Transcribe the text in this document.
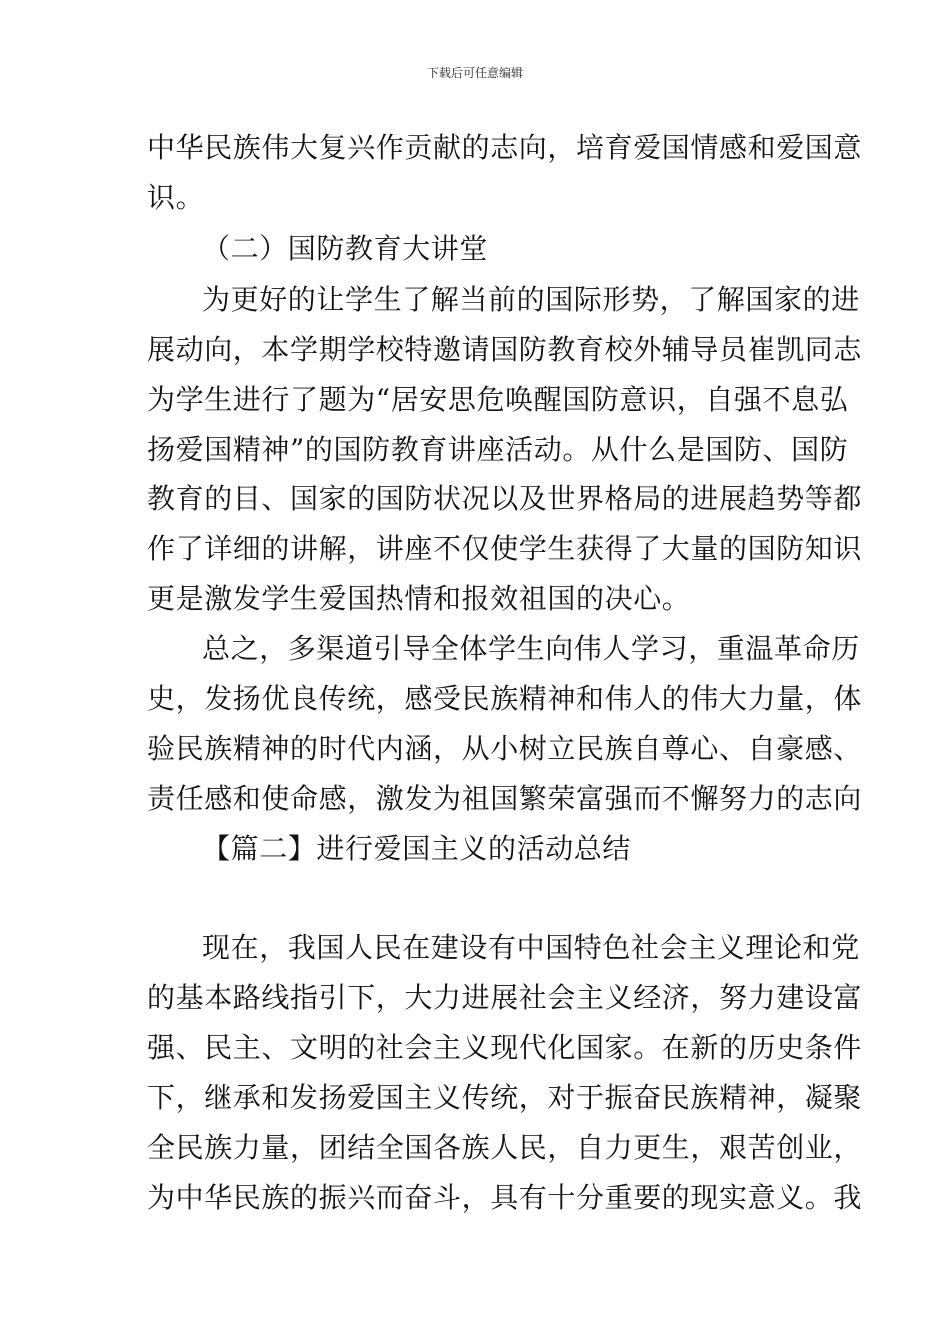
下载后可任意编辑
中华民族伟大复兴作贡献的志向，培育爱国情感和爱国意
识。
（二）国防教育大讲堂
为更好的让学生了解当前的国际形势，了解国家的进
展动向，本学期学校特邀请国防教育校外辅导员崔凯同志
为学生进行了题为“居安思危唤醒国防意识，自强不息弘
扬爱国精神”的国防教育讲座活动。从什么是国防、国防
教育的目、国家的国防状况以及世界格局的进展趋势等都
作了详细的讲解，讲座不仅使学生获得了大量的国防知识
更是激发学生爱国热情和报效祖国的决心。
总之，多渠道引导全体学生向伟人学习，重温革命历
史，发扬优良传统，感受民族精神和伟人的伟大力量，体
验民族精神的时代内涵，从小树立民族自尊心、自豪感、
责任感和使命感，激发为祖国繁荣富强而不懈努力的志向
【篇二】进行爱国主义的活动总结
现在，我国人民在建设有中国特色社会主义理论和党
的基本路线指引下，大力进展社会主义经济，努力建设富
强、民主、文明的社会主义现代化国家。在新的历史条件
下，继承和发扬爱国主义传统，对于振奋民族精神，凝聚
全民族力量，团结全国各族人民，自力更生，艰苦创业，
为中华民族的振兴而奋斗，具有十分重要的现实意义。我
